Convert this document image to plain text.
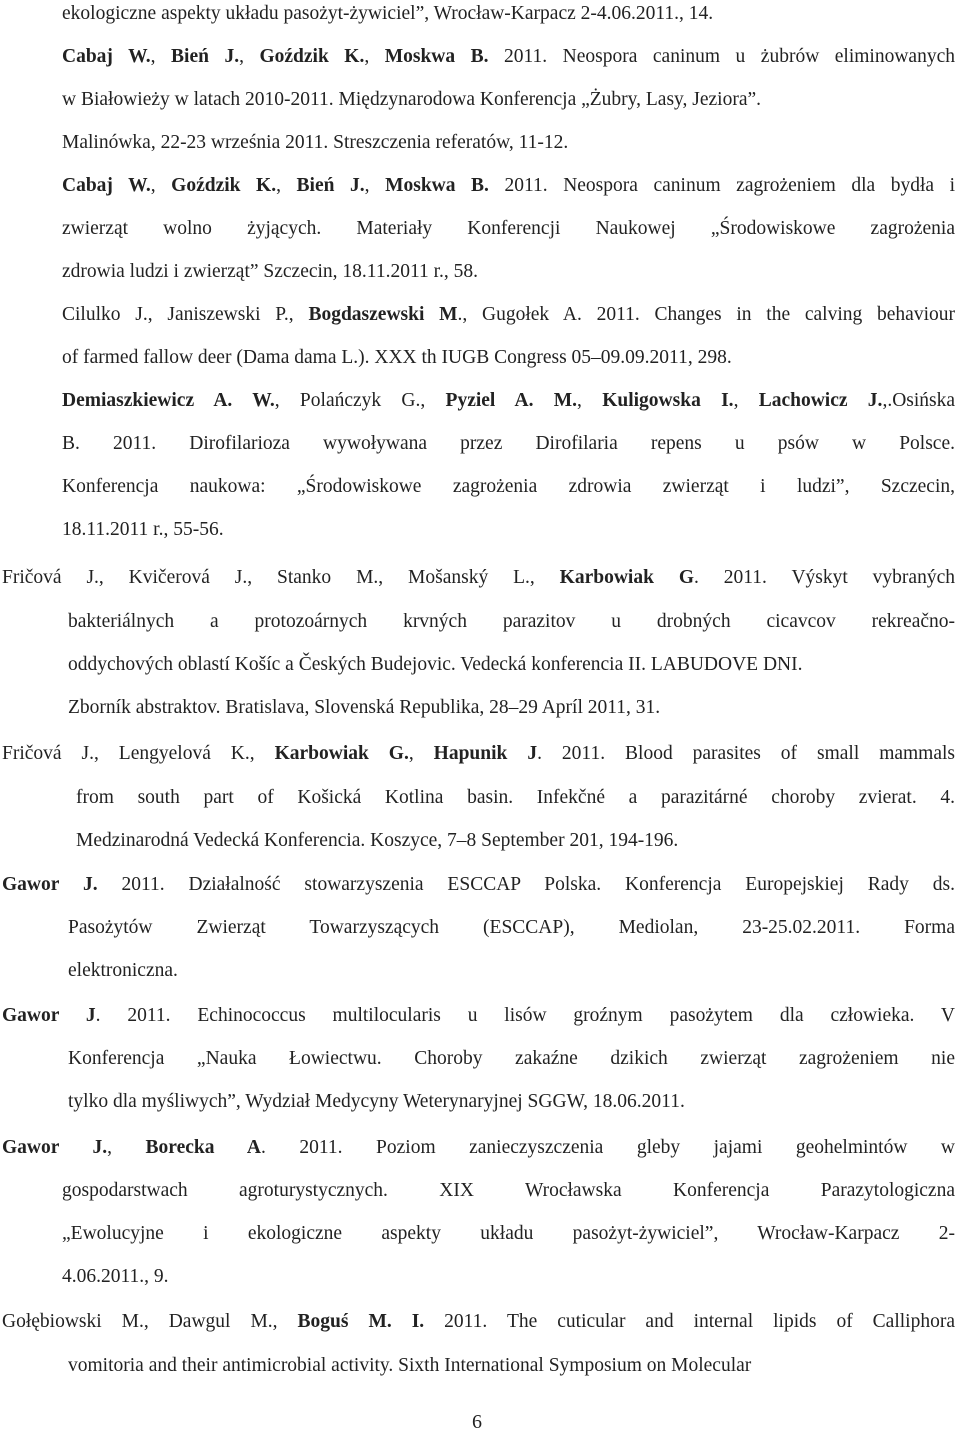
ekologiczne aspekty układu pasożyt-żywiciel”, Wrocław-Karpacz 2-4.06.2011., 14.
Cabaj W., Bień J., Goździk K., Moskwa B. 2011. Neospora caninum u żubrów eliminowanych
w Białowieży w latach 2010-2011. Międzynarodowa Konferencja „Żubry, Lasy, Jeziora”.
Malinówka, 22-23 września 2011. Streszczenia referatów, 11-12.
Cabaj W., Goździk K., Bień J., Moskwa B. 2011. Neospora caninum zagrożeniem dla bydła i
zwierząt wolno żyjących. Materiały Konferencji Naukowej „Środowiskowe zagrożenia
zdrowia ludzi i zwierząt” Szczecin, 18.11.2011 r., 58.
Cilulko J., Janiszewski P., Bogdaszewski M., Gugołek A. 2011. Changes in the calving behaviour
of farmed fallow deer (Dama dama L.). XXX th IUGB Congress 05–09.09.2011, 298.
Demiaszkiewicz A. W., Polańczyk G., Pyziel A. M., Kuligowska I., Lachowicz J.,.Osińska
B. 2011. Dirofilarioza wywoływana przez Dirofilaria repens u psów w Polsce.
Konferencja naukowa: „Środowiskowe zagrożenia zdrowia zwierząt i ludzi”, Szczecin,
18.11.2011 r., 55-56.
Fričová J., Kvičerová J., Stanko M., Mošanský L., Karbowiak G. 2011. Výskyt vybraných
bakteriálnych a protozoárnych krvných parazitov u drobných cicavcov rekreačno-
oddychových oblastí Košíc a Českých Budejovic. Vedecká konferencia II. LABUDOVE DNI.
Zborník abstraktov. Bratislava, Slovenská Republika, 28–29 Apríl 2011, 31.
Fričová J., Lengyelová K., Karbowiak G., Hapunik J. 2011. Blood parasites of small mammals
from south part of Košická Kotlina basin. Infekčné a parazitárné choroby zvierat. 4.
Medzinarodná Vedecká Konferencia. Koszyce, 7–8 September 201, 194-196.
Gawor J. 2011. Działalność stowarzyszenia ESCCAP Polska. Konferencja Europejskiej Rady ds.
Pasożytów Zwierząt Towarzyszących (ESCCAP), Mediolan, 23-25.02.2011. Forma
elektroniczna.
Gawor J. 2011. Echinococcus multilocularis u lisów groźnym pasożytem dla człowieka. V
Konferencja „Nauka Łowiectwu. Choroby zakaźne dzikich zwierząt zagrożeniem nie
tylko dla myśliwych”, Wydział Medycyny Weterynaryjnej SGGW, 18.06.2011.
Gawor J., Borecka A. 2011. Poziom zanieczyszczenia gleby jajami geohelmintów w
gospodarstwach agroturystycznych. XIX Wrocławska Konferencja Parazytologiczna
„Ewolucyjne i ekologiczne aspekty układu pasożyt-żywiciel”, Wrocław-Karpacz 2-
4.06.2011., 9.
Gołębiowski M., Dawgul M., Boguś M. I. 2011. The cuticular and internal lipids of Calliphora
vomitoria and their antimicrobial activity. Sixth International Symposium on Molecular
6
